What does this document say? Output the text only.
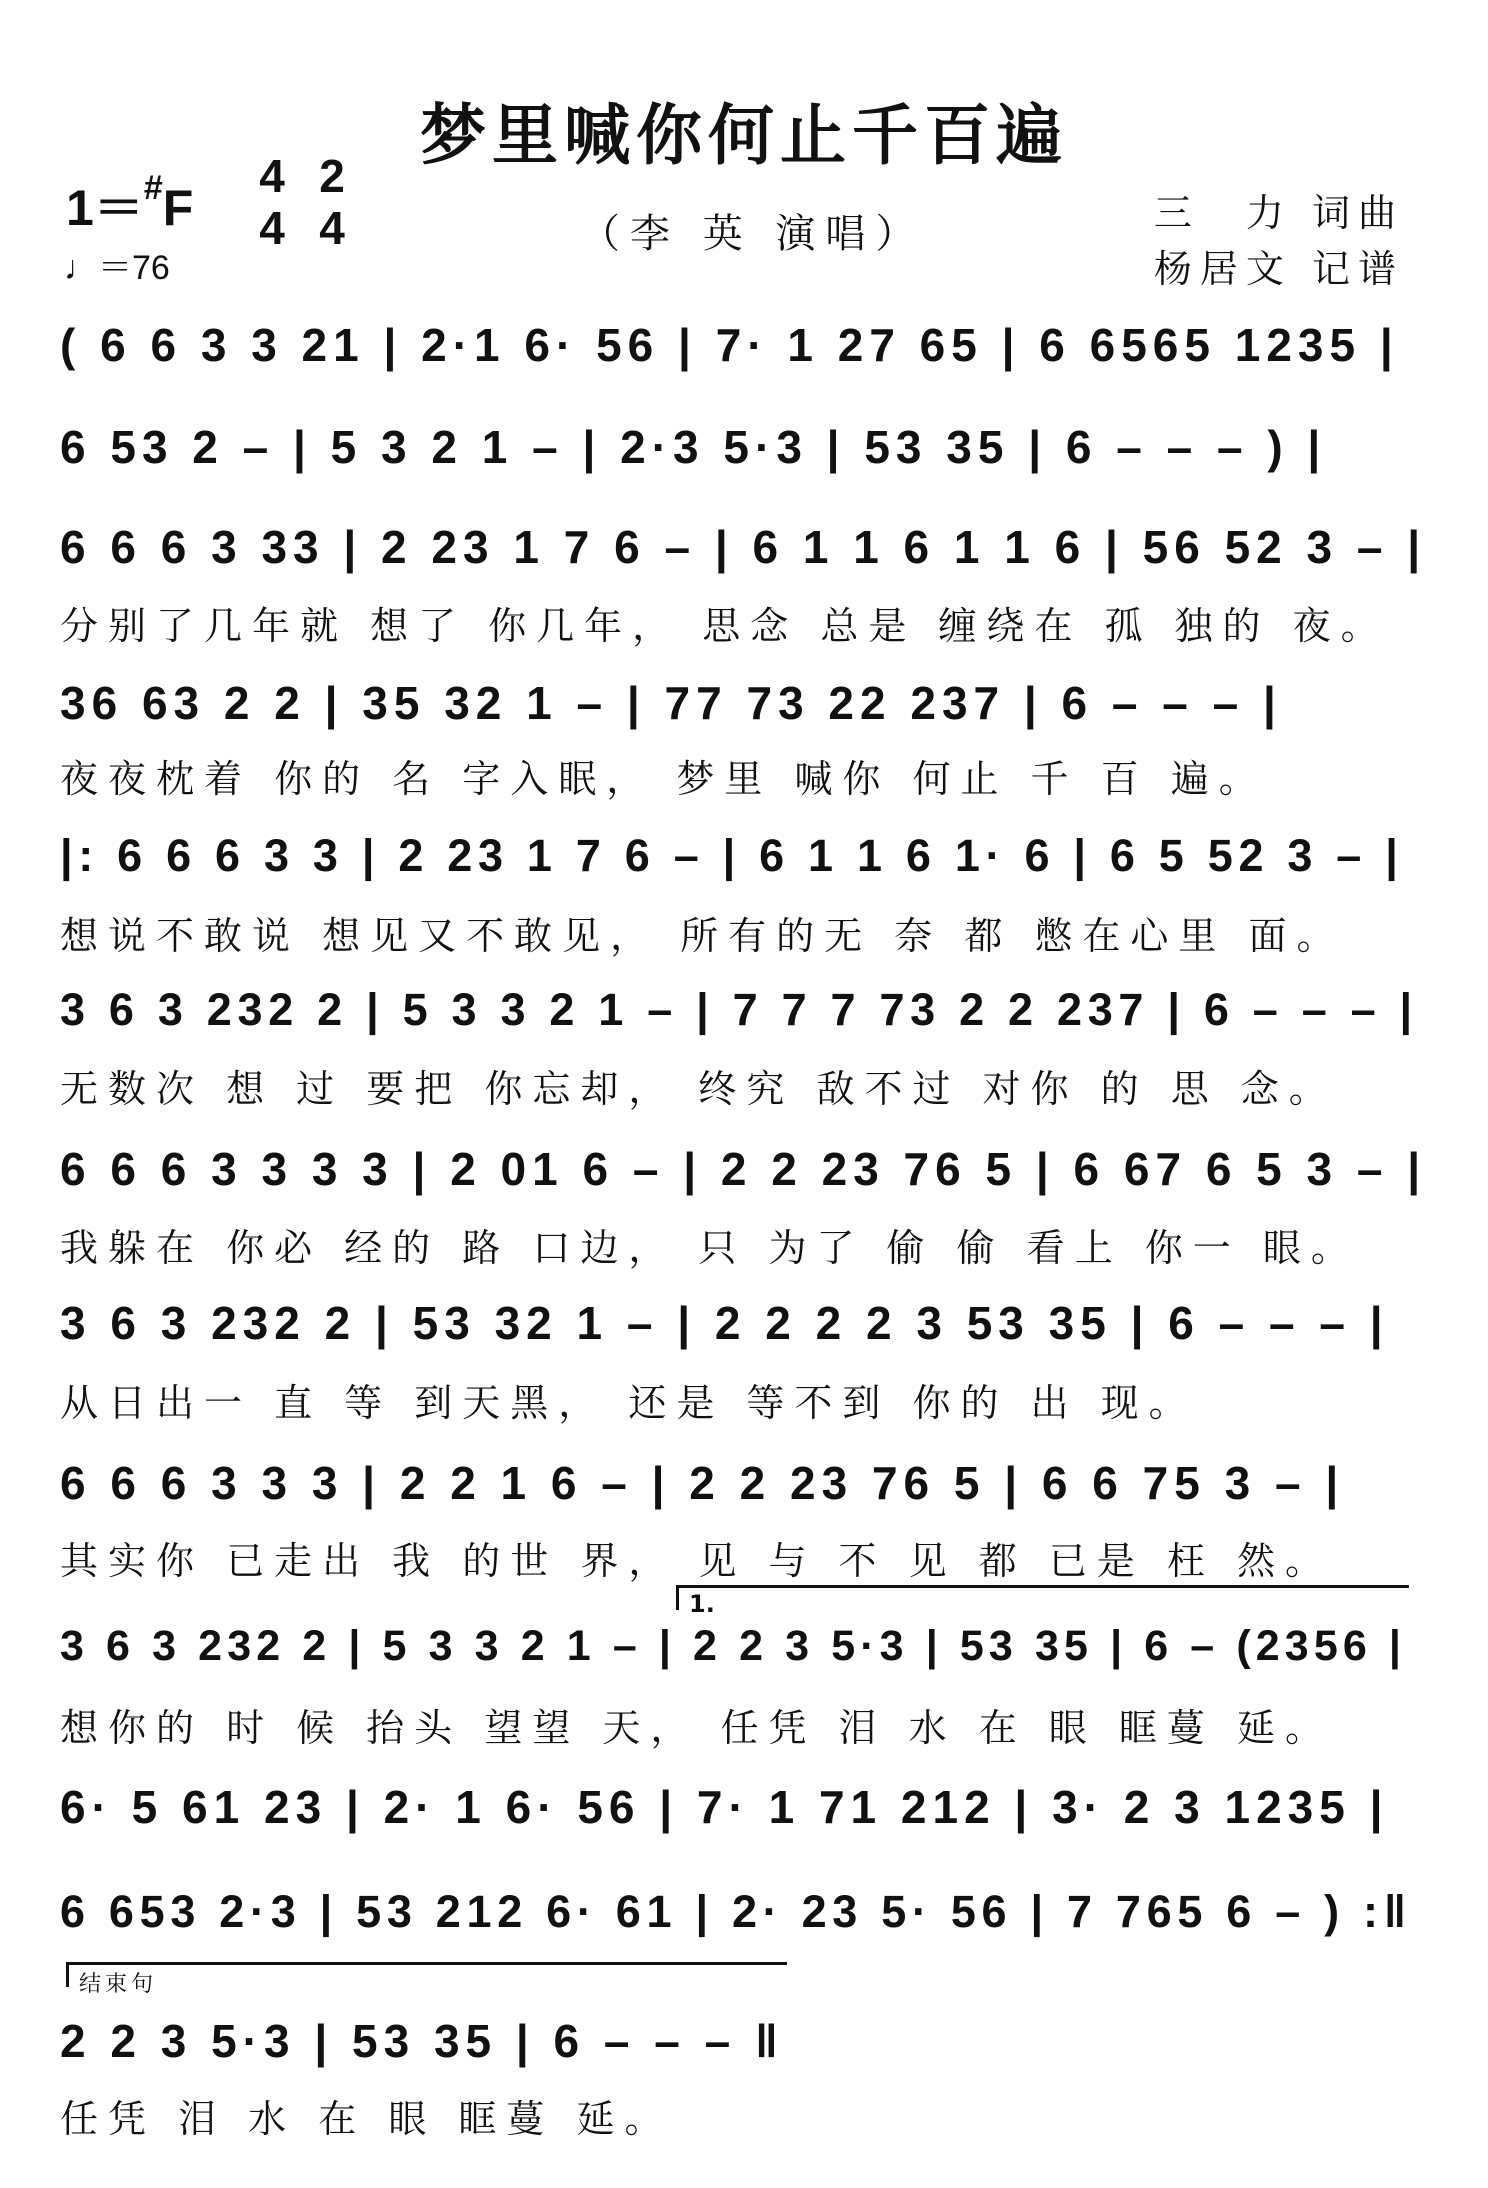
梦里喊你何止千百遍
1＝#F
4
4
2
4
♩＝76
（李 英 演唱）	三　力 词曲
杨居文 记谱
( 6 6 3 3 21 | 2·1 6· 56 | 7· 1 27 65 | 6 6565 1235 |
6 53 2 – | 5 3 2 1 – | 2·3 5·3 | 53 35 | 6 – – – ) |
6 6 6 3 33 | 2 23 1 7 6 – | 6 1 1 6 1 1 6 | 56 52 3 – |
分别了几年就 想了 你几年， 思念 总是 缠绕在 孤 独的 夜。
36 63 2 2 | 35 32 1 – | 77 73 22 237 | 6 – – – |
夜夜枕着 你的 名 字入眠， 梦里 喊你 何止 千 百 遍。
|: 6 6 6 3 3 | 2 23 1 7 6 – | 6 1 1 6 1· 6 | 6 5 52 3 – |
想说不敢说 想见又不敢见， 所有的无 奈 都 憋在心里 面。
3 6 3 232 2 | 5 3 3 2 1 – | 7 7 7 73 2 2 237 | 6 – – – |
无数次 想 过 要把 你忘却， 终究 敌不过 对你 的 思 念。
6 6 6 3 3 3 3 | 2 01 6 – | 2 2 23 76 5 | 6 67 6 5 3 – |
我躲在 你必 经的 路 口边， 只 为了 偷 偷 看上 你一 眼。
3 6 3 232 2 | 53 32 1 – | 2 2 2 2 3 53 35 | 6 – – – |
从日出一 直 等 到天黑， 还是 等不到 你的 出 现。
6 6 6 3 3 3 | 2 2 1 6 – | 2 2 23 76 5 | 6 6 75 3 – |
其实你 已走出 我 的世 界， 见 与 不 见 都 已是 枉 然。
3 6 3 232 2 | 5 3 3 2 1 – | 2 2 3 5·3 | 53 35 | 6 – (2356 |
想你的 时 候 抬头 望望 天， 任凭 泪 水 在 眼 眶蔓 延。
6· 5 61 23 | 2· 1 6· 56 | 7· 1 71 212 | 3· 2 3 1235 |
6 653 2·3 | 53 212 6· 61 | 2· 23 5· 56 | 7 765 6 – ) :‖
2 2 3 5·3 | 53 35 | 6 – – – ‖
任凭 泪 水 在 眼 眶蔓 延。
1.
结束句
